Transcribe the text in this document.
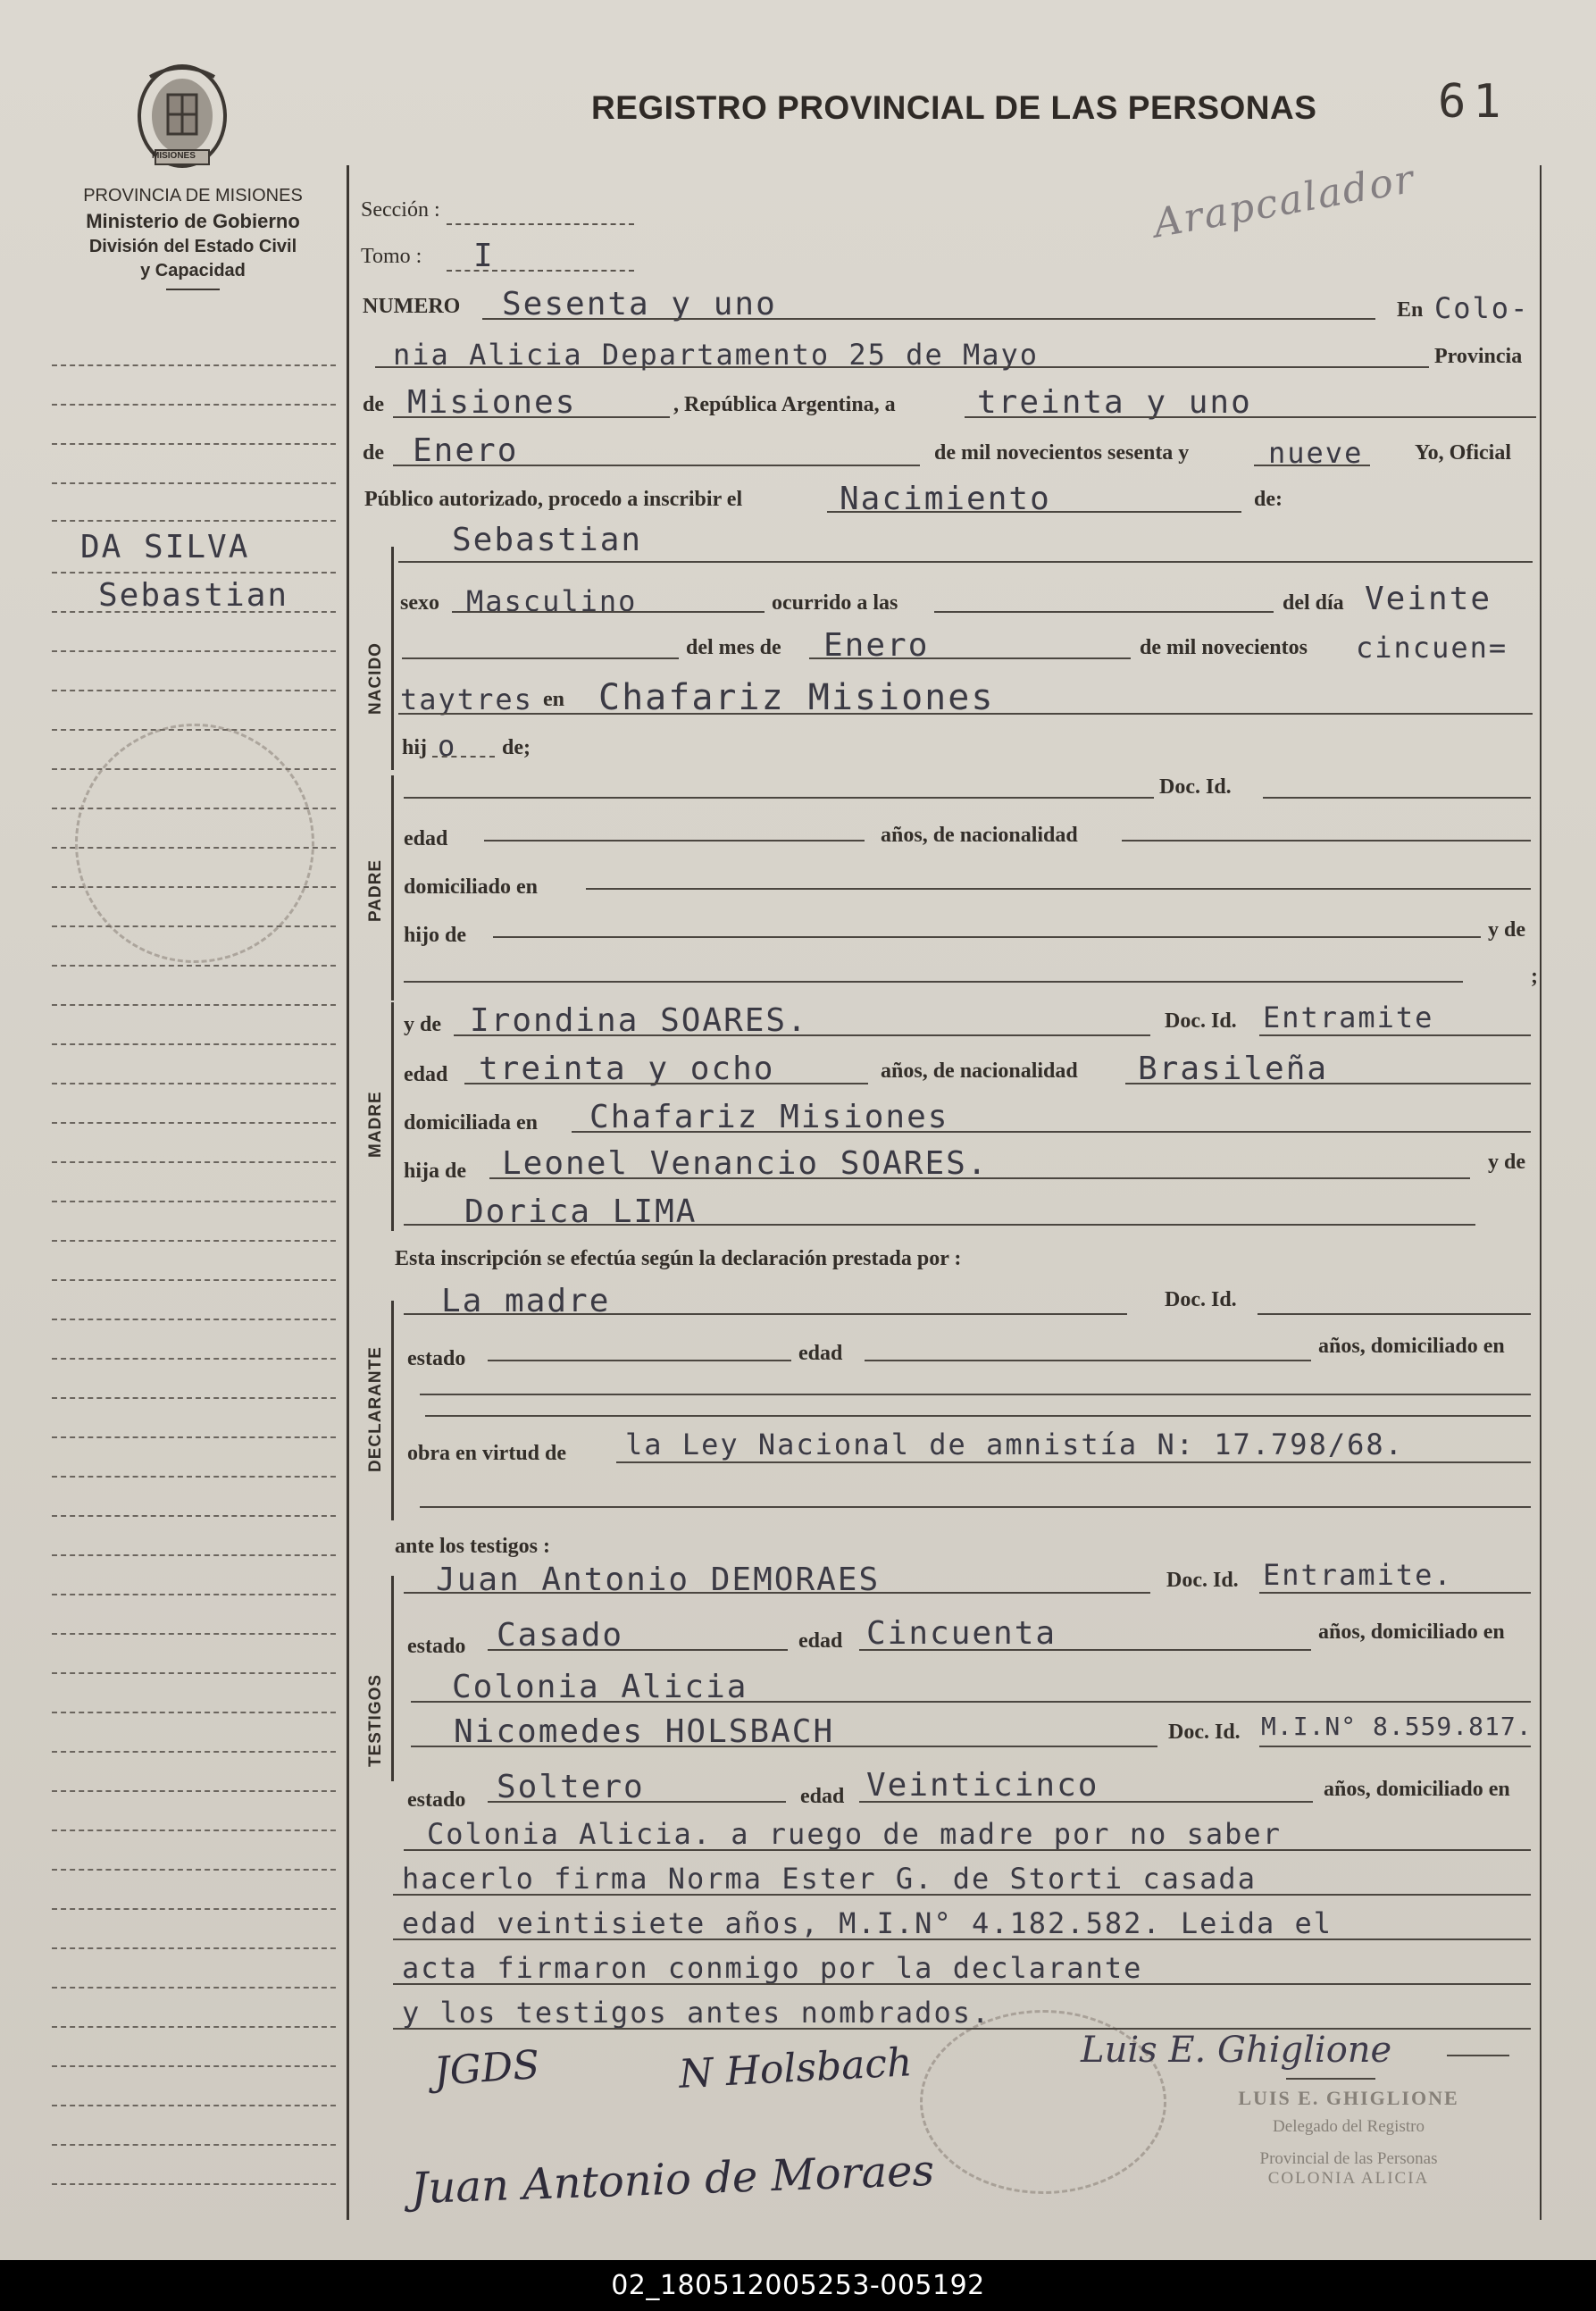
MISIONES
PROVINCIA DE MISIONES
Ministerio de Gobierno
División del Estado Civil
y Capacidad
REGISTRO PROVINCIAL DE LAS PERSONAS	61
Arapcalador
DA SILVA
Sebastian
Sección :
Tomo : I
NUMERO Sesenta y uno	En Colo-
nia Alicia Departamento 25 de Mayo	Provincia
de Misiones	, República Argentina, a	treinta y uno
de Enero	de mil novecientos sesenta y	nueve Yo, Oficial
Público autorizado, procedo a inscribir el	Nacimiento	de:
NACIDO
Sebastian
sexo Masculino	ocurrido a las	del día Veinte
del mes de Enero	de mil novecientos cincuen=
taytres en Chafariz Misiones
hij o de;
PADRE
Doc. Id.
edad	años, de nacionalidad
domiciliado en
hijo de	y de
;
MADRE
y de Irondina SOARES.	Doc. Id. Entramite
edad treinta y ocho	años, de nacionalidad Brasileña
domiciliada en Chafariz Misiones
hija de Leonel Venancio SOARES.	y de
Dorica LIMA
Esta inscripción se efectúa según la declaración prestada por :
DECLARANTE
La madre	Doc. Id.
estado	edad	años, domiciliado en
obra en virtud de la Ley Nacional de amnistía N: 17.798/68.
ante los testigos :
TESTIGOS
Juan Antonio DEMORAES	Doc. Id. Entramite.
estado Casado	edad Cincuenta	años, domiciliado en
Colonia Alicia
Nicomedes HOLSBACH	Doc. Id. M.I.N° 8.559.817.
estado Soltero	edad Veinticinco	años, domiciliado en
Colonia Alicia. a ruego de madre por no saber
hacerlo firma Norma Ester G. de Storti casada
edad veintisiete años, M.I.N° 4.182.582. Leida el
acta firmaron conmigo por la declarante
y los testigos antes nombrados.
JGDS	N Holsbach	Luis E. Ghiglione
Juan Antonio de Moraes
LUIS E. GHIGLIONE
Delegado del Registro
Provincial de las Personas
COLONIA ALICIA
02_180512005253-005192
